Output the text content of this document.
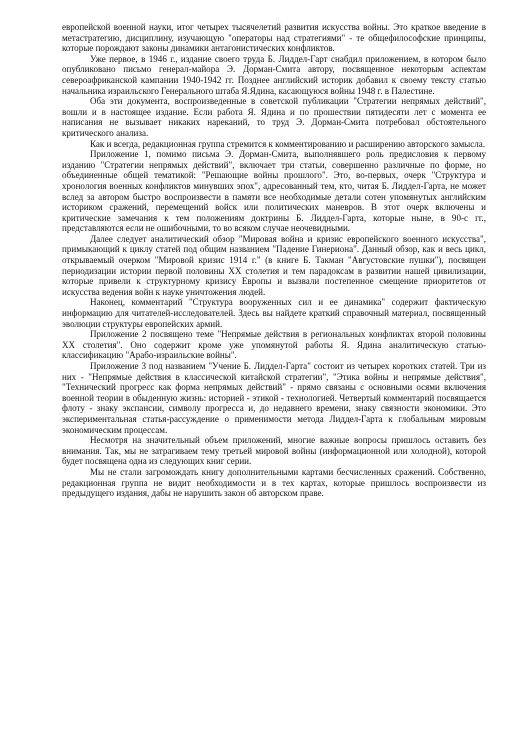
европейской военной науки, итог четырех тысячелетий развития искусства войны. Это краткое введение в метастратегию, дисциплину, изучающую "операторы над стратегиями" - те общефилософские принципы, которые порождают законы динамики антагонистических конфликтов.

Уже первое, в 1946 г., издание своего труда Б. Лиддел-Гарт снабдил приложением, в котором было опубликовано письмо генерал-майора Э. Дорман-Смита автору, посвященное некоторым аспектам североафриканской кампании 1940-1942 гг. Позднее английский историк добавил к своему тексту статью начальника израильского Генерального штаба Я.Ядина, касающуюся войны 1948 г. в Палестине.

Оба эти документа, воспроизведенные в советской публикации "Стратегии непрямых действий", вошли и в настоящее издание. Если работа Я. Ядина и по прошествии пятидесяти лет с момента ее написания не вызывает никаких нареканий, то труд Э. Дорман-Смита потребовал обстоятельного критического анализа.

Как и всегда, редакционная группа стремится к комментированию и расширению авторского замысла.

Приложение 1, помимо письма Э. Дорман-Смита, выполнявшего роль предисловия к первому изданию "Стратегии непрямых действий", включает три статьи, совершенно различные по форме, но объединенные общей тематикой: "Решающие войны прошлого". Это, во-первых, очерк "Структура и хронология военных конфликтов минувших эпох", адресованный тем, кто, читая Б. Лиддел-Гарта, не может вслед за автором быстро воспроизвести в памяти все необходимые детали сотен упомянутых английским историком сражений, перемещений войск или политических маневров. В этот очерк включены и критические замечания к тем положениям доктрины Б. Лиддел-Гарта, которые ныне, в 90-с гг., представляются если не ошибочными, то во всяком случае неочевидными.

Далее следует аналитический обзор "Мировая война и кризис европейского военного искусства", примыкающий к циклу статей под общим названием "Падение Гинериона". Данный обзор, как и весь цикл, открываемый очерком "Мировой кризис 1914 г." (в книге Б. Такман "Августовские пушки"), посвящен периодизации истории первой половины XX столетия и тем парадоксам в развитии нашей цивилизации, которые привели к структурному кризису Европы и вызвали постепенное смещение приоритетов от искусства ведения войн к науке уничтожения людей.

Наконец, комментарий "Структура вооруженных сил и ее динамика" содержит фактическую информацию для читателей-исследователей. Здесь вы найдете краткий справочный материал, посвященный эволюции структуры европейских армий.

Приложение 2 посвящено теме "Непрямые действия в региональных конфликтах второй половины XX столетия". Оно содержит кроме уже упомянутой работы Я. Ядина аналитическую статью-классификацию "Арабо-израильские войны".

Приложение 3 под названием "Учение Б. Лиддел-Гарта" состоит из четырех коротких статей. Три из них - "Непрямые действия в классической китайской стратегии", "Этика войны и непрямые действия", "Технический прогресс как форма непрямых действий" - прямо связаны с основными осями включения военной теории в обыденную жизнь: историей - этикой - технологией. Четвертый комментарий посвящается флоту - знаку экспансии, символу прогресса и, до недавнего времени, знаку связности экономики. Это экспериментальная статья-рассуждение о применимости метода Лиддел-Гарта к глобальным мировым экономическим процессам.

Несмотря на значительный объем приложений, многие важные вопросы пришлось оставить без внимания. Так, мы не затрагиваем тему третьей мировой войны (информационной или холодной), которой будет посвящена одна из следующих книг серии.

Мы не стали загромождать книгу дополнительными картами бесчисленных сражений. Собственно, редакционная группа не видит необходимости и в тех картах, которые пришлось воспроизвести из предыдущего издания, дабы не нарушить закон об авторском праве.
